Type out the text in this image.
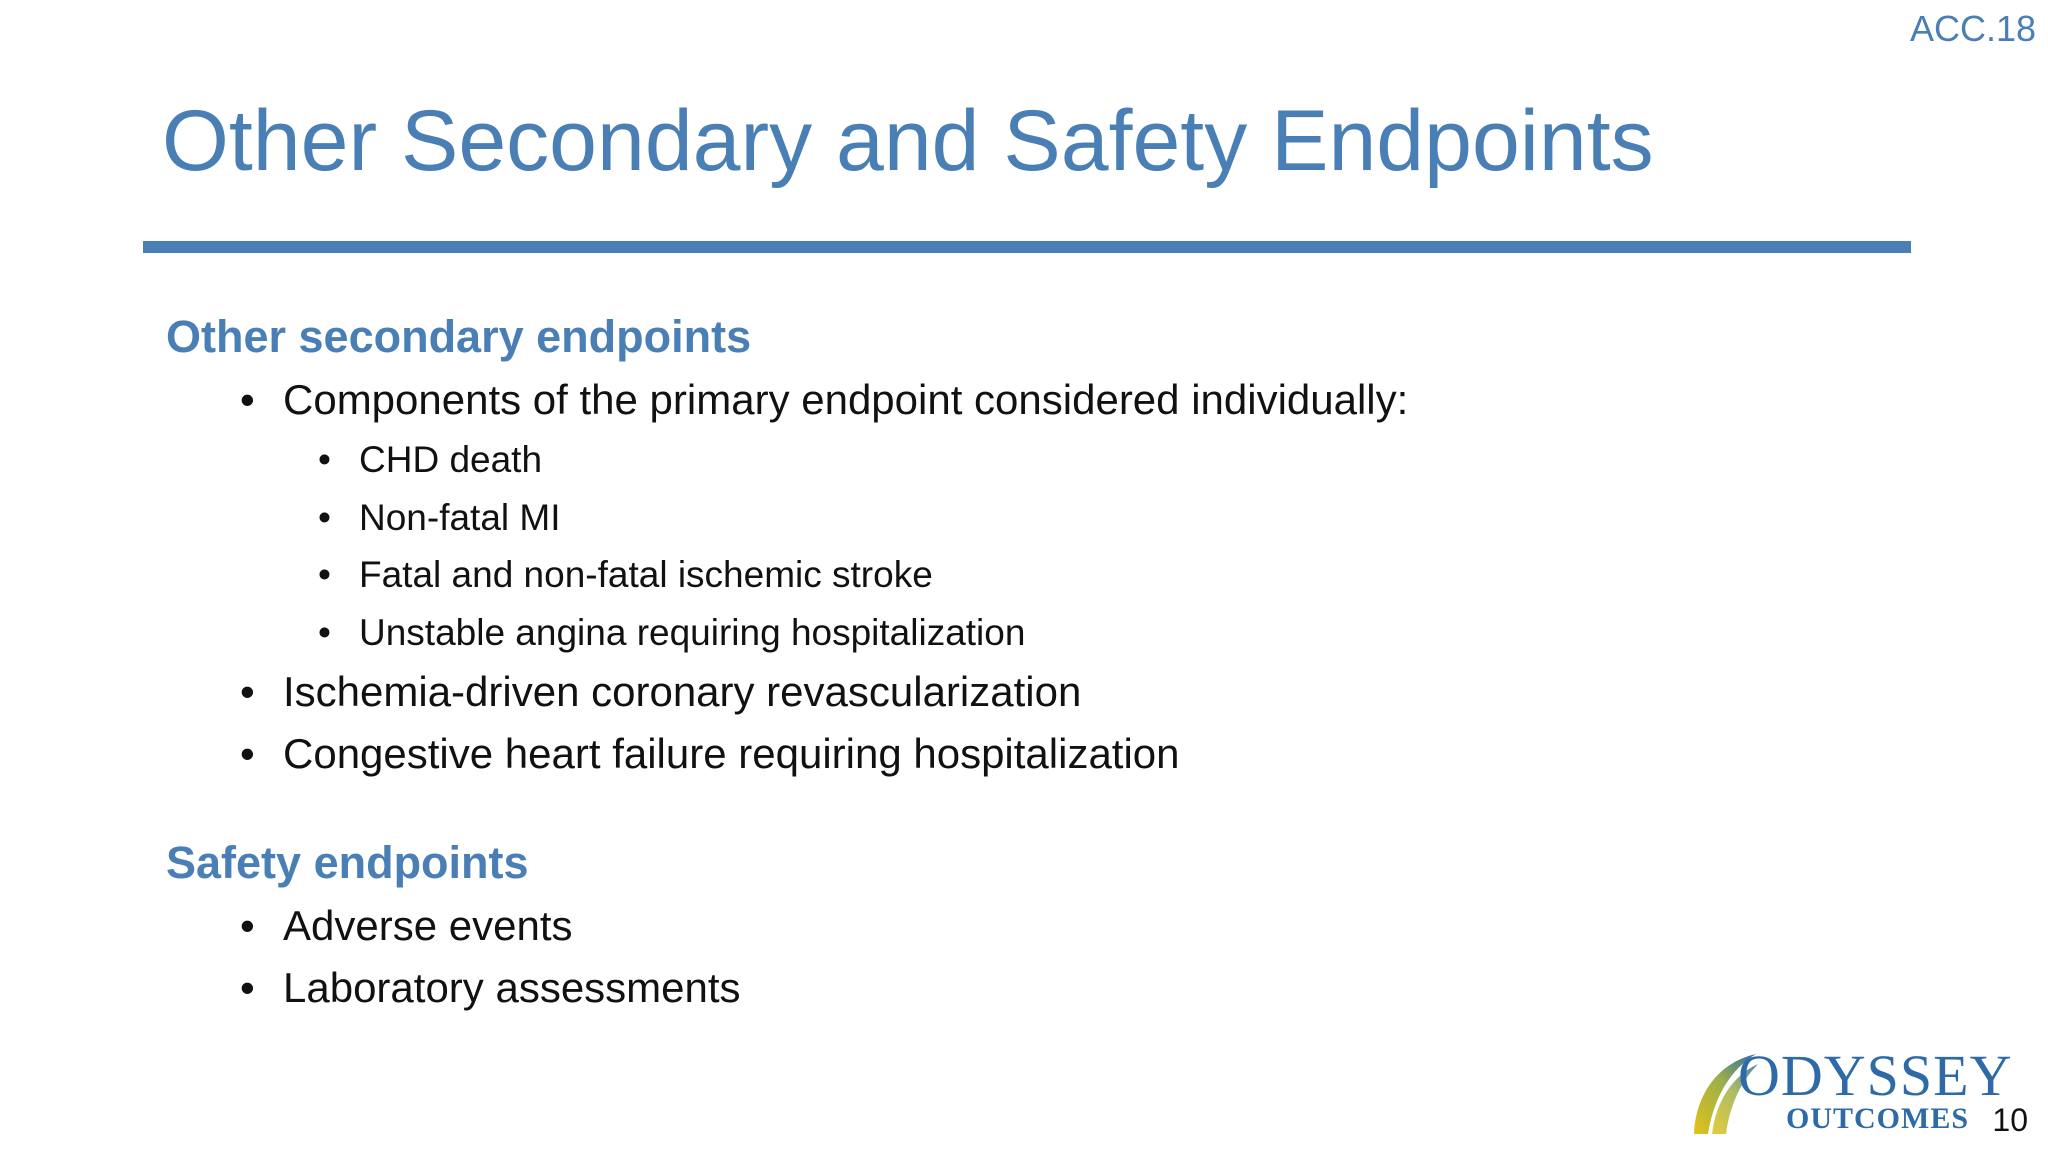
ACC.18
Other Secondary and Safety Endpoints
Other secondary endpoints
• Components of the primary endpoint considered individually:
• CHD death
• Non-fatal MI
• Fatal and non-fatal ischemic stroke
• Unstable angina requiring hospitalization
• Ischemia-driven coronary revascularization
• Congestive heart failure requiring hospitalization
Safety endpoints
• Adverse events
• Laboratory assessments
ODYSSEY
OUTCOMES 10
